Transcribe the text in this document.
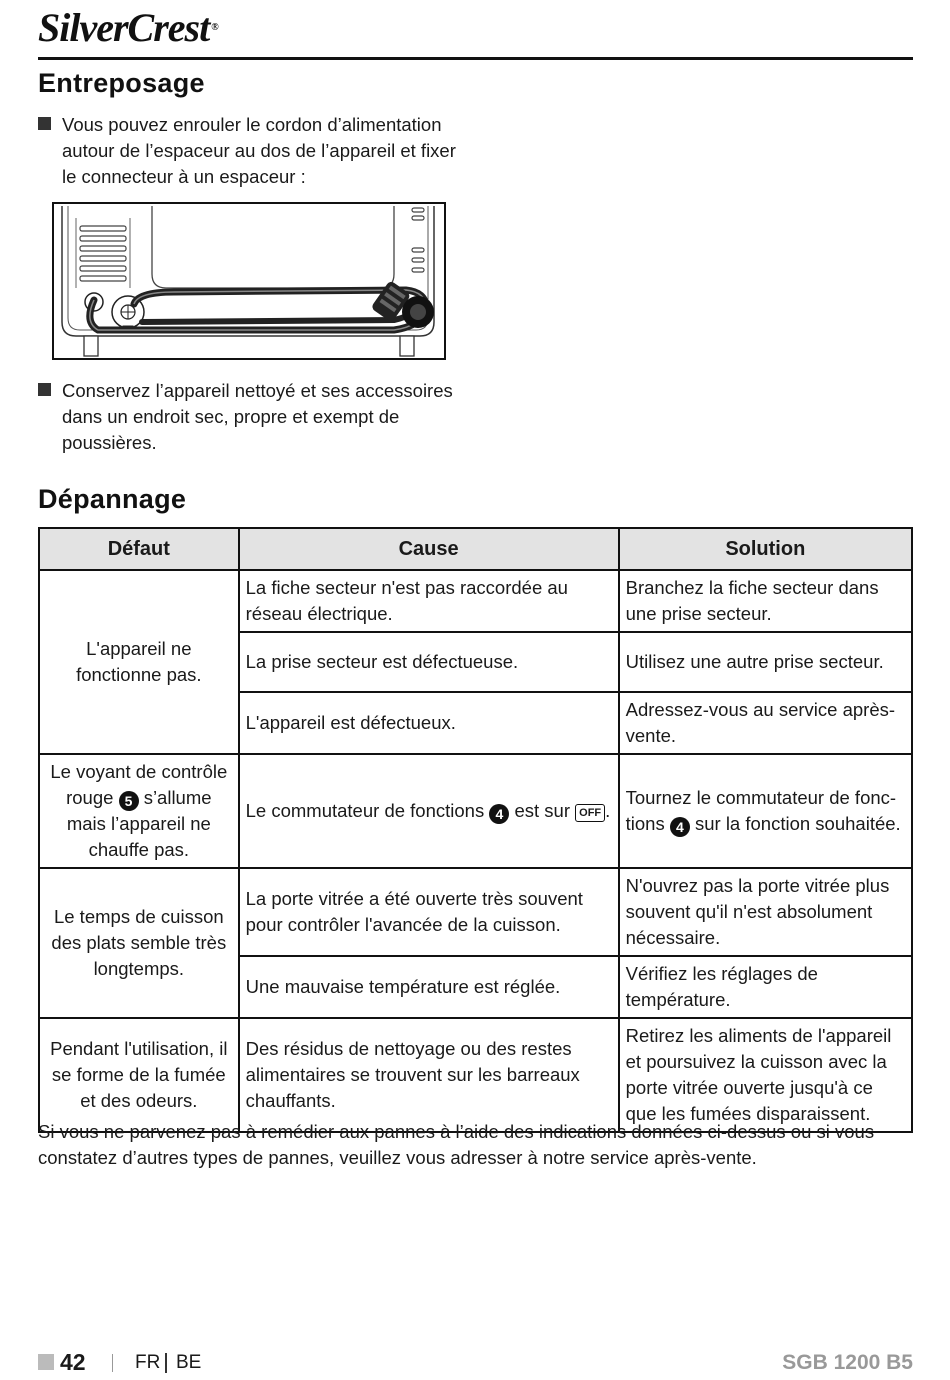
SilverCrest ®
Entreposage
Vous pouvez enrouler le cordon d’alimentation autour de l’espaceur au dos de l’appareil et fixer le connecteur à un espaceur :
Conservez l’appareil nettoyé et ses accessoires dans un endroit sec, propre et exempt de poussières.
Dépannage
Défaut	Cause	Solution
L'appareil ne fonctionne pas.	La fiche secteur n'est pas raccordée au réseau électrique.	Branchez la fiche secteur dans une prise secteur.
	La prise secteur est défectueuse.	Utilisez une autre prise secteur.
	L'appareil est défectueux.	Adressez-vous au service après-vente.
Le voyant de contrôle rouge 5 s’allume mais l’appareil ne chauffe pas.	Le commutateur de fonctions 4 est sur OFF .	Tournez le commutateur de fonc- tions 4 sur la fonction souhaitée.
Le temps de cuisson des plats semble très longtemps.	La porte vitrée a été ouverte très souvent pour contrôler l'avancée de la cuisson.	N'ouvrez pas la porte vitrée plus souvent qu'il n'est absolument nécessaire.
	Une mauvaise température est réglée.	Vérifiez les réglages de température.
Pendant l'utilisation, il se forme de la fumée et des odeurs.	Des résidus de nettoyage ou des restes alimentaires se trouvent sur les barreaux chauffants.	Retirez les aliments de l'appareil et poursuivez la cuisson avec la porte vitrée ouverte jusqu'à ce que les fumées disparaissent.
Si vous ne parvenez pas à remédier aux pannes à l’aide des indications données ci-dessus ou si vous constatez d’autres types de pannes, veuillez vous adresser à notre service après-vente.
42	FR BE	SGB 1200 B5
